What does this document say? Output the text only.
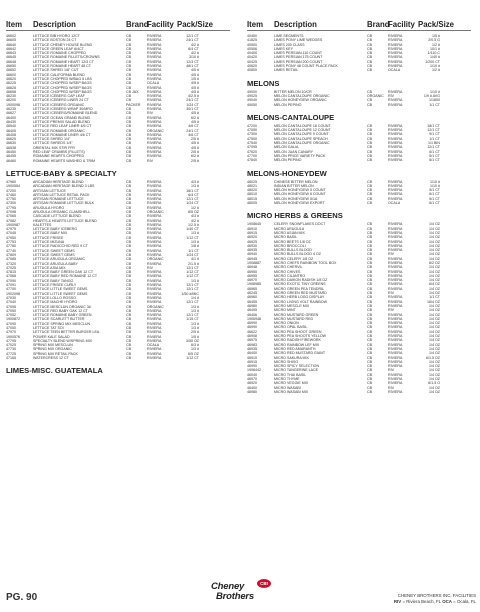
Item	Description	Brand
Facility Pack/Size
46602	LETTUCE BIB HYDRO 12CT	CB	RIVIERA	12/1 CT
46605	LETTUCE BOSTON 24 CT	CB	RIVIERA	24/1 CT
46640	LETTUCE CHENEY HOUSE BLEND	CB	RIVIERA	4/2 #
46642	LETTUCE GREEN LEAF 6/4CT	CB	RIVIERA	6/4 CT
46643	LETTUCE ROMAINE CHOPPED	CB	RIVIERA	4/2 #
46645	LETTUCE ROMAINE FILLETS/CROWNS	CB	RIVIERA	3/10 #
46648	LETTUCE ROMAINE HEART 12/3 CT	CB	RIVIERA	12/3 CT
46650	LETTUCE ROMAINE HEART 48 CT	CB	RIVIERA	48/1 CT
46652	LETTUCE SHRED 1/8" CUT	CB	RIVIERA	4/5 #
46600	LETTUCE CALIFORNIA BLEND	CB	RIVIERA	4/5 #
46620	LETTUCE CHOPPED W/BAG 5 LBS	CB	RIVIERA	1/5 #
46225	LETTUCE CHOPPED W/SEP BAGS	CB	OCALA	4/5 #
46628	LETTUCE CHOPPED W/SEP BAGS	CB	RIVIERA	4/5 #
46658	LETTUCE CHOPPED W/SEP BAGS	CB JAX	RIVIERA	4/5 #
46230	LETTUCE ICEBERG CAP LEAF	CB	RIVIERA	4/2.5 #
46200	LETTUCE ICEBERG LINER 24 CT	CB	RIVIERA	24/1 CT
1900098	LETTUCE ICEBERG ORGANIC	PACKER	RIVIERA	1/24 CT
46235	LETTUCE ICEBERG WRAP 30/MRO	CB	RIVIERA	30/1 CT
46627	LETTUCE ICEBERG/ROMAINE BLEND	CB	RIV	4/5 #
46400	LETTUCE OCEAN GRAND BLEND	CB	RIVIERA	6/2 #
46430	LETTUCE PREMIX SALAD BLEND	CB	RIVIERA	4/5 #
46540	LETTUCE RED LEAF LINER 4/6 CT	CB	RIVIERA	4/6 CT
46405	LETTUCE ROMAINE ORGANIC	CB	ORGANIC	24/1 CT
46408	LETTUCE ROMAINE LINER 4/6 CT	CB	RIVIERA	4/6 CT
46625	LETTUCE SHRED 1/4"	CB	RIVIERA	2/5 #
46630	LETTUCE SHREDS 1/4"	CB	RIVIERA	4/5 #
46538	ORIENTAL MIX STIR FRY	CB	RIVIERA	4/5 #
46450	RED LEAF CRUMBS (FILLETS)	CB	RIVIERA	2/5 #
46455	ROMAINE HEARTS CHOPPED	CB	RIVIERA	6/2 #
46460	ROMAINE HEARTS WASHED & TRIM	CB	RIV	2/5 #
LETTUCE-BABY & SPECIALTY
47960	ARCADIAN HERITAGE BLEND	CB	RIVIERA	4/3 #
1900554	ARCADIAN HERITAGE BLEND 3 LBS	CB	RIVIERA	1/3 #
47200	ARTISAN LETTUCE	CB	RIVIERA	16/1 CT
47460	ARTISAN LETTUCE RETAIL PACK	CB	RIVIERA	6/4 CT
47750	ARTISAN ROMAINE LETTUCE	CB	RIVIERA	12/1 CT
47300	ARTISAN ROMAINE LETTUCE BULK	CB	RIVIERA	1/24 CT
47795	ARUGULA HYDRO	CB	RIVIERA	1/2 #
47098	ARUGULA ORGANIC CLAMSHELL	CB	ORGANIC	8/5 OZ
47065	CASCADE LETTUCE BLEND	CB	RIVIERA	4/3 #
47082	HEARTS & HEARTS LETTUCE BLEND	CB	RIVIERA	4/2 #
1900987	KALETTES	CB	RIVIERA	1/2.5 #
47975	LETTUCE BABY ICEBERG	CB	RIVIERA	1/40 CT
47045	LETTUCE BABY MIX	CB	RIVIERA	1/3 #
47950	LETTUCE FRISEE	CB	RIVIERA	1/12 CT
47753	LETTUCE MIZUNA	CB	RIVIERA	1/3 #
47780	LETTUCE RADICCHIO RED 9 CT	CB	RIVIERA	1/8 #
47740	LETTUCE SWEET GEMS	CB	RIVIERA	1/1 CT
47809	LETTUCE SWEET GEMS	CB	RIVIERA	1/24 CT
47085	LETTUCE ARUGULA ORGANIC	CB	ORGANIC	4/1 #
47320	LETTUCE ARUGULA BABY	CB	RIVIERA	2/1.5 #
47025	LETTUCE ASIA MIX	CB	RIV	12/1 CT
47815	LETTUCE BABY GREEN OAK 12 CT	CB	RIVIERA	1/12 CT
47068	LETTUCE BABY RED ROMAINE 12 CT	CB	RIVIERA	1/12 CT
47090	LETTUCE BABY TANGO	CB	RIVIERA	1/3 #
47091	LETTUCE FRISEE CURLY	CB	RIVIERA	12/1 CT
47700	LETTUCE LITTLE SWEET GEMS	CB	RIVIERA	12/1 CT
1902098	LETTUCE LITTLE SWEET GEMS	CB	RIVIERA	1/50 #/MIC
47030	LETTUCE LOLLO ROSSO	CB	RIVIERA	1/4 #
47040	LETTUCE MACHE HYDRO	CB	RIVIERA	12/1 CT
47095	LETTUCE MESCLUN ORGANIC 3#	CB	ORGANIC	1/3 #
47050	LETTUCE RED BABY OAK 12 CT	CB	RIVIERA	1/3 #
47052	LETTUCE ROMAINE BABY GREEN	CB	RIVIERA	12/1 CT
1900872	LETTUCE SCARLETT BUTTER	CB	RIVIERA	1/15 CT
47090	LETTUCE SPRING MIX MESCLUN	CB	RIVIERA	1/3 #
47050	LETTUCE TAT SOI	CB	RIVIERA	1/3 #
47970	LETTUCE TEEN BETTER BURGER LEA	CB	RIVIERA	2/5 #
1900576	POWER KALE SALAD	CB	RIVIERA	1/5 #
47795	SPECIALTY BLEND W/SPRING MIX	CB	RIVIERA	3/50 OZ
47025	SPRING MIX MESCLUN	CB	OCALA	6/3 #
47730	SPRING MIX ORGANIC	CB	RIVIERA	1/3 #
47725	SPRING MIX RETAIL PACK	CB	RIVIERA	6/5 OZ
47165	WATERCRESS 12 CT	CB	RIVIERA	1/12 CT
LIMES-MISC. GUATEMALA
Item	Description	Brand
Facility Pack/Size
40450	LIME SEGMENTS	CB	RIVIERA	1/5 #
41825	LIMES PONY LIME WEDGES	CB	RIVIERA	2/0.5 G
40500	LIMES 200 CLASS	CB	RIVIERA	1/2 #
40506	LIMES KEY	CB	RIVIERA	10/1 #
40400	LIMES PERSIAN 110 COUNT	CB	RIVIERA	1/110 C
40420	LIMES PERSIAN 175 COUNT	CB	RIVIERA	1/40 #
40425	LIMES PERSIAN 200 COUNT	CB	RIVIERA	1/200 CT
40620	LIMES PONY 48 COUNT PLACE PACK	CB	RIVIERA	1/10 #
40800	LIMES RETAIL	CB	OCALA	1/2 #
MELONS
49000	BITTER MELON 10/CR	CB	RIVIERA	1/10 #
49025	MELON CANTALOUPE ORGANIC	ORGANIC	RIV	1/9 # AVG
49040	MELON HONEYDEW ORGANIC	CB	RIVIERA	1/1600
49050	MELON PEPINO	CB	RIVIERA	1/1 CT
MELONS-CANTALOUPE
47200	MELON CANTALOUPE 18 COUNT	CB	RIVIERA	18/1 CT
47050	MELON CANTALOUPE 12 COUNT	CB	RIVIERA	12/1 CT
47300	MELON CANTALOUPE 9 COUNT	CB	RIVIERA	9/1 CT
47500	MELON CANTALOUPE SPEACH	CB	RIVIERA	1/1 CT
47540	MELON CANTALOUPE ORGANIC	CB	RIVIERA	1/1 BIN
47095	MELON GALIA	CB	RIVIERA	12/1 CT
47620	MELON JUAN CANARY	CB	RIVIERA	6/1 CT
47700	MELON PRICE VARIETY PACK	CB	RIVIERA	5/1 CT
47840	MELON PEPINO	CB	RIVIERA	6/1 CT
MELONS-HONEYDEW
48025	CHINESE BITTER MELON	CB	RIVIERA	1/10 #
48021	INDIAN BITTER MELON	CB	RIVIERA	1/10 #
48020	MELON HONEYDEW 5 COUNT	CB	RIVIERA	5/1 CT
48010	MELON HONEYDEW 6 COUNT	CB	RIVIERA	6/1 CT
48015	MELON HONEYDEW 5/1A	CB	RIVIERA	5/1 CT
48005	MELON HONEYDEW EXPORT	CB	OCALA	6/1 CT
MICRO HERBS & GREENS
1908645	CELERY SNOWFLAKES DOCT	CB	RIVIERA	1/4 OZ
46910	MICRO ARUGULA	CB	RIVIERA	1/4 OZ
46915	MICRO ASIAN MIX	CB	RIVIERA	1/4 OZ
46920	MICRO BASIL	CB	RIVIERA	1/4 OZ
46925	MICRO BEETS 1/8 OZ	CB	RIVIERA	1/4 OZ
46930	MICRO BROCCOLI	CB	RIVIERA	1/4 OZ
46935	MICRO BULLS BLOOD	CB	RIVIERA	1/4 OZ
46940	MICRO BULLS BLOOD 4 OZ	CB	RIV	1/4 OZ
46945	MICRO CELERY 1/8 OZ	CB	RIVIERA	1/4 OZ
1908887	MICRO CHEFS RAINBOW TOOL BOX	CB	RIVIERA	6/2 OZ
46948	MICRO CHERVIL	CB	RIVIERA	1/4 OZ
46950	MICRO CHIVES	CB	RIVIERA	1/4 OZ
46955	MICRO CILANTRO	CB	RIVIERA	1/4 OZ
46970	MICRO DAIKON RADISH 1/8 OZ	CB	RIVIERA	1/4 OZ
1908985	MICRO EXOTIC TINY GREENS	CB	RIVIERA	6/4 OZ
46965	MICRO GREEN PEA TENDRIL	CB	RIVIERA	1/4 OZ
46245	MICRO GREEN RED MUSTARD	CB	RIV	1/4 OZ
46960	MICRO HERB LOGO DISPLAY	CB	RIVIERA	1/1 CT
46455	MICRO LIVING VOLT RAINBOW	CB	RIVIERA	18/4 OZ
46980	MICRO MESCLE MIX	CB	RIVIERA	1/4 OZ
46495	MICRO MINT	CB	RIV	1/4 OZ
46406	MICRO MUSTARD GREEN	CB	RIVIERA	1/4 OZ
1906948	MICRO MUSTARD RED	CB	RIVIERA	1/4 OZ
46990	MICRO ONION	CB	RIVIERA	1/4 OZ
46990	MICRO OPAL BASIL	CB	RIVIERA	1/4 OZ
46622	MICRO PEA SHOOT GREEN	CB	RIVIERA	1/4 OZ
46908	MICRO PEA SHOOTS YELLOW	CB	RIVIERA	1/4 OZ
46975	MICRO RADISH FIREWORK	CB	RIVIERA	1/4 OZ
46983	MICRO RAINBOW LEF MIX	CB	RIVIERA	1/4 OZ
46935	MICRO RED AMARANTH	CB	RIVIERA	1/4 OZ
46400	MICRO RED MUSTARD GIANT	CB	RIVIERA	1/4 OZ
46910	MICRO SAKURA MIX	CB	RIVIERA	6/1.5 OZ
46915	MICRO SHISO	CB	RIVIERA	1/4 OZ
46990	MICRO SPICY SELECTION	CB	RIVIERA	1/4 OZ
1908442	MICRO TANGERINE LACE	CB	RIV	1/4 OZ
46040	MICRO THAI BASIL	CB	RIVIERA	1/4 OZ
46970	MICRO THYME	CB	RIVIERA	1/4 OZ
46920	MICRO VEGGIE MIX	CB	RIVIERA	6/1.5 O
46400	MICRO WASABI	CB	RIV	1/4 OZ
46980	MICRO WASABI MIX	CB	RIVIERA	1/4 OZ
PG. 90
Cheney
Brothers
CBI
CHENEY BROTHERS INC. FACILITIES
RIV = Riviera Beach, FL OCA = Ocala, FL
